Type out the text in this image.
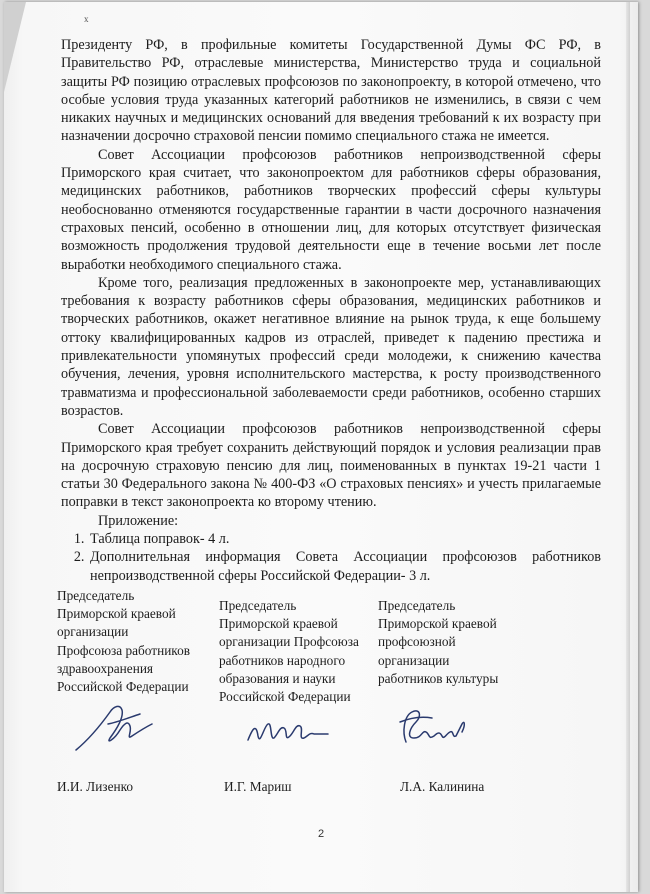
x

Президенту РФ, в профильные комитеты Государственной Думы ФС РФ, в Правительство РФ, отраслевые министерства, Министерство труда и социальной защиты РФ позицию отраслевых профсоюзов по законопроекту, в которой отмечено, что особые условия труда указанных категорий работников не изменились, в связи с чем никаких научных и медицинских оснований для введения требований к их возрасту при назначении досрочно страховой пенсии помимо специального стажа не имеется.

Совет Ассоциации профсоюзов работников непроизводственной сферы Приморского края считает, что законопроектом для работников сферы образования, медицинских работников, работников творческих профессий сферы культуры необоснованно отменяются государственные гарантии в части досрочного назначения страховых пенсий, особенно в отношении лиц, для которых отсутствует физическая возможность продолжения трудовой деятельности еще в течение восьми лет после выработки необходимого специального стажа.

Кроме того, реализация предложенных в законопроекте мер, устанавливающих требования к возрасту работников сферы образования, медицинских работников и творческих работников, окажет негативное влияние на рынок труда, к еще большему оттоку квалифицированных кадров из отраслей, приведет к падению престижа и привлекательности упомянутых профессий среди молодежи, к снижению качества обучения, лечения, уровня исполнительского мастерства, к росту производственного травматизма и профессиональной заболеваемости среди работников, особенно старших возрастов.

Совет Ассоциации профсоюзов работников непроизводственной сферы Приморского края требует сохранить действующий порядок и условия реализации прав на досрочную страховую пенсию для лиц, поименованных в пунктах 19-21 части 1 статьи 30 Федерального закона № 400-ФЗ «О страховых пенсиях» и учесть прилагаемые поправки в текст законопроекта ко второму чтению.

Приложение:

1. Таблица поправок- 4 л.
2. Дополнительная информация Совета Ассоциации профсоюзов работников непроизводственной сферы Российской Федерации- 3 л.
Председатель
Приморской краевой
организации
Профсоюза работников
здравоохранения
Российской Федерации
Председатель
Приморской краевой
организации Профсоюза
работников народного
образования и науки
Российской Федерации
Председатель
Приморской краевой
профсоюзной
организации
работников культуры
И.И. Лизенко	И.Г. Мариш	Л.А. Калинина
2
